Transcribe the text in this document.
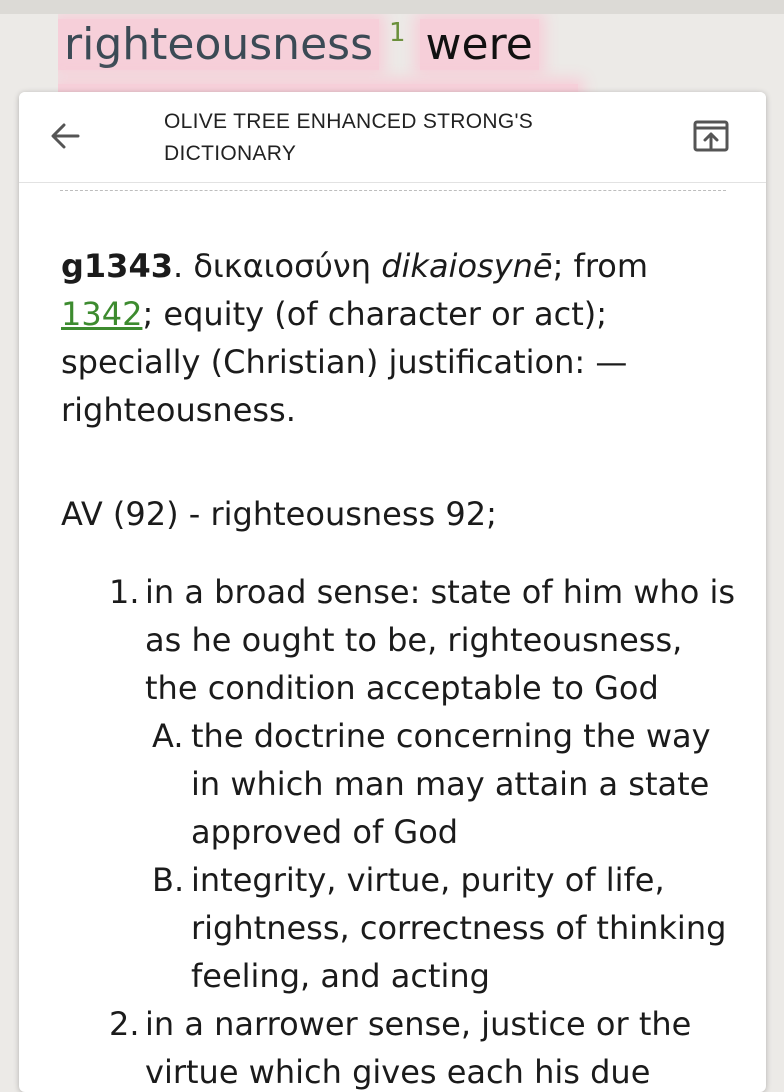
righteousness $^1$ were
OLIVE TREE ENHANCED STRONG'S DICTIONARY

g1343. δικαιοσύνη dikaiosynē; from 1342; equity (of character or act); specially (Christian) justification: — righteousness.

AV (92) - righteousness 92;

1. in a broad sense: state of him who is as he ought to be, righteousness, the condition acceptable to God
A. the doctrine concerning the way in which man may attain a state approved of God
B. integrity, virtue, purity of life, rightness, correctness of thinking feeling, and acting
2. in a narrower sense, justice or the virtue which gives each his due
